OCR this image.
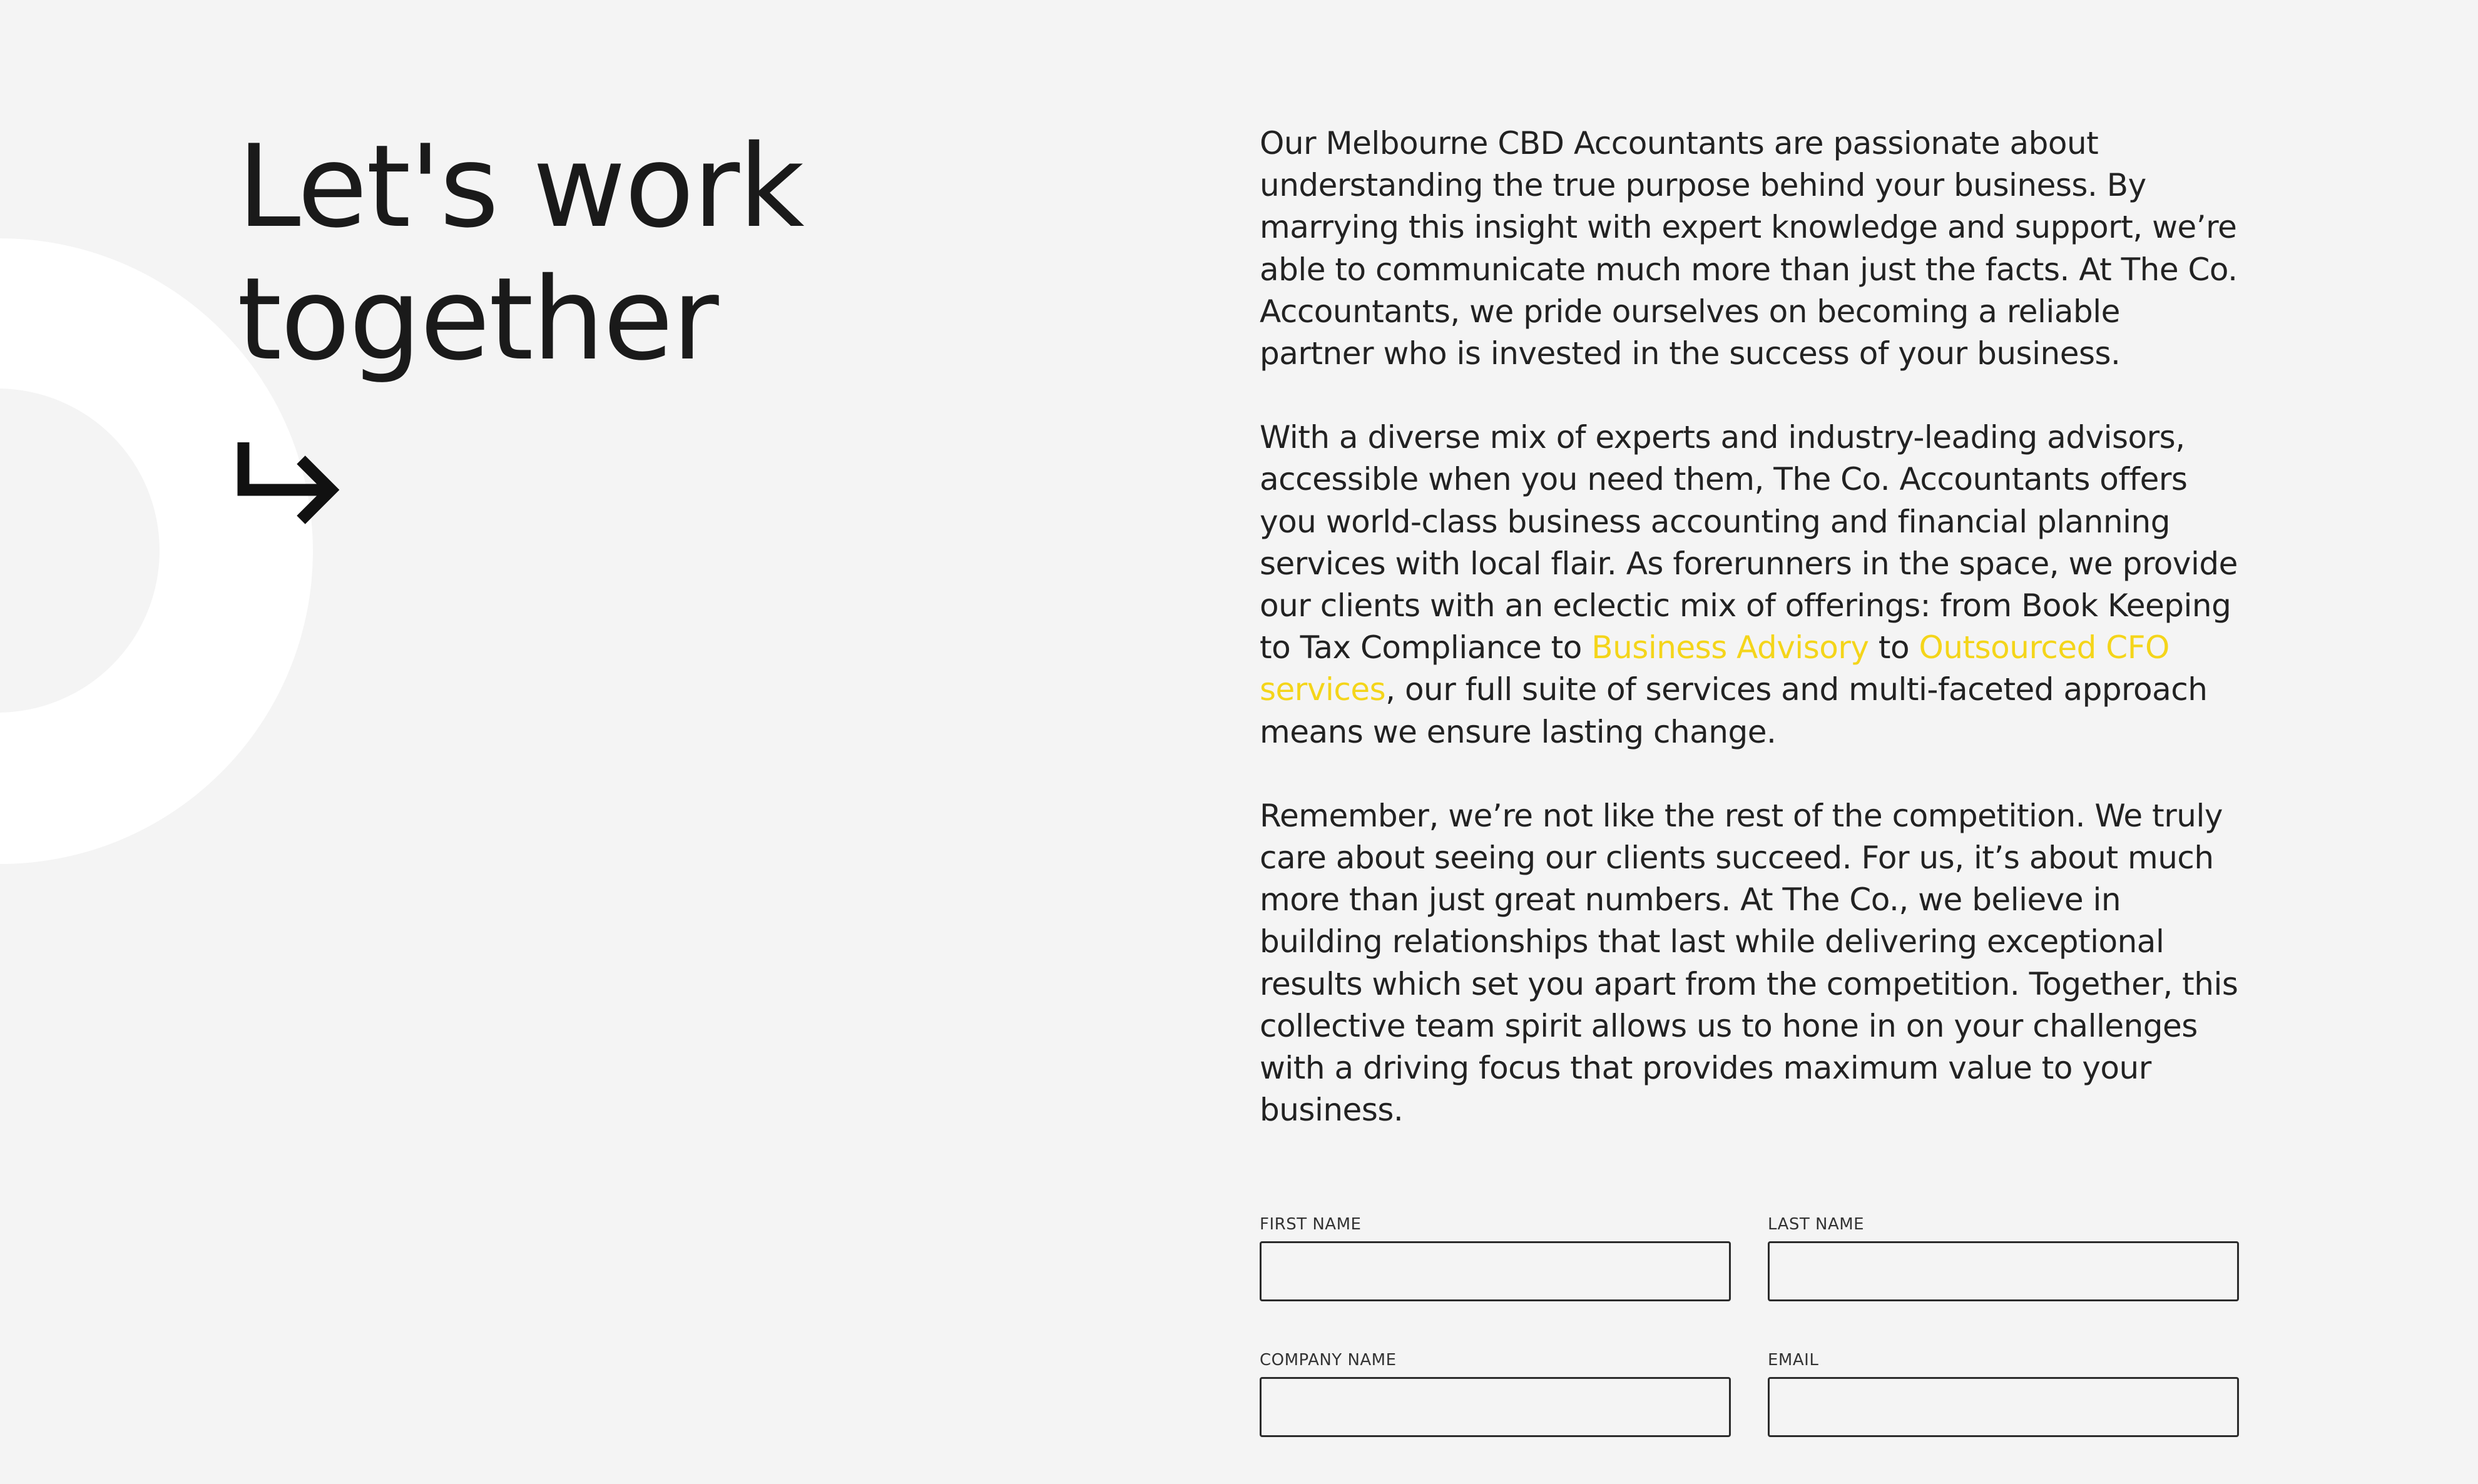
Let's work
together

Our Melbourne CBD Accountants are passionate about understanding the true purpose behind your business. By marrying this insight with expert knowledge and support, we’re able to communicate much more than just the facts. At The Co. Accountants, we pride ourselves on becoming a reliable partner who is invested in the success of your business.

With a diverse mix of experts and industry-leading advisors, accessible when you need them, The Co. Accountants offers you world-class business accounting and financial planning services with local flair. As forerunners in the space, we provide our clients with an eclectic mix of offerings: from Book Keeping to Tax Compliance to Business Advisory to Outsourced CFO services, our full suite of services and multi-faceted approach means we ensure lasting change.

Remember, we’re not like the rest of the competition. We truly care about seeing our clients succeed. For us, it’s about much more than just great numbers. At The Co., we believe in building relationships that last while delivering exceptional results which set you apart from the competition. Together, this collective team spirit allows us to hone in on your challenges with a driving focus that provides maximum value to your business.

FIRST NAME	LAST NAME
COMPANY NAME	EMAIL
